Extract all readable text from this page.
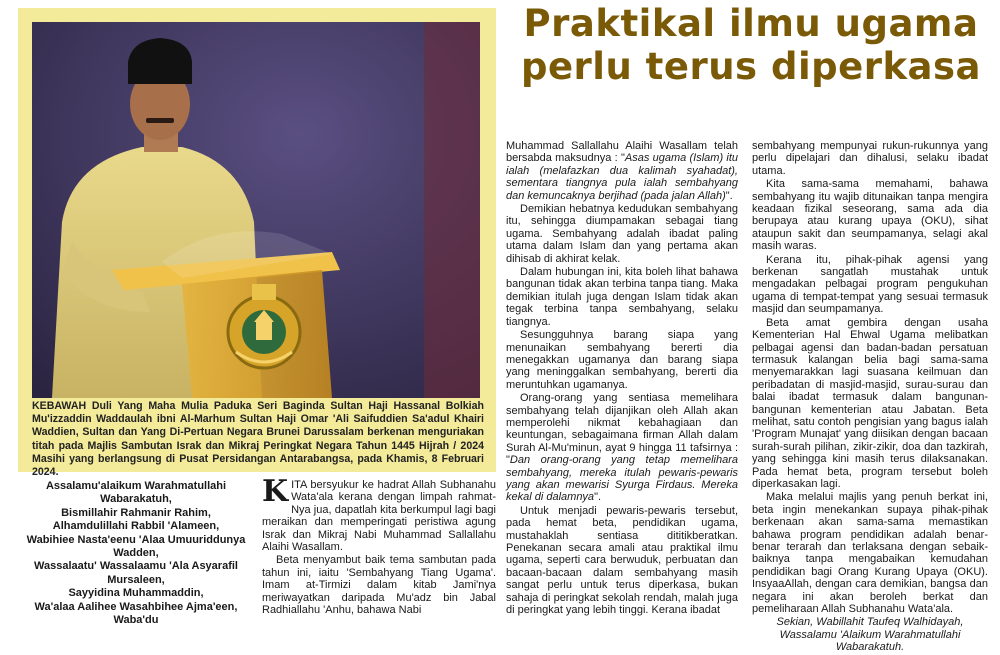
KEBAWAH Duli Yang Maha Mulia Paduka Seri Baginda Sultan Haji Hassanal Bolkiah Mu'izzaddin Waddaulah ibni Al-Marhum Sultan Haji Omar 'Ali Saifuddien Sa'adul Khairi Waddien, Sultan dan Yang Di-Pertuan Negara Brunei Darussalam berkenan menguriakan titah pada Majlis Sambutan Israk dan Mikraj Peringkat Negara Tahun 1445 Hijrah / 2024 Masihi yang berlangsung di Pusat Persidangan Antarabangsa, pada Khamis, 8 Februari 2024.
Praktikal ilmu ugama perlu terus diperkasa
Assalamu'alaikum Warahmatullahi Wabarakatuh,
Bismillahir Rahmanir Rahim,
Alhamdulillahi Rabbil 'Alameen,
Wabihiee Nasta'eenu 'Alaa Umuuriddunya Wadden,
Wassalaatu' Wassalaamu 'Ala Asyarafil Mursaleen,
Sayyidina Muhammaddin,
Wa'alaa Aalihee Wasahbihee Ajma'een, Waba'du

KITA bersyukur ke hadrat Allah Subhanahu Wata'ala kerana dengan limpah rahmat-Nya jua, dapatlah kita berkumpul lagi bagi meraikan dan memperingati peristiwa agung Israk dan Mikraj Nabi Muhammad Sallallahu Alaihi Wasallam.

Beta menyambut baik tema sambutan pada tahun ini, iaitu 'Sembahyang Tiang Ugama'. Imam at-Tirmizi dalam kitab Jami'nya meriwayatkan daripada Mu'adz bin Jabal Radhiallahu 'Anhu, bahawa Nabi

Muhammad Sallallahu Alaihi Wasallam telah bersabda maksudnya : "Asas ugama (Islam) itu ialah (melafazkan dua kalimah syahadat), sementara tiangnya pula ialah sembahyang dan kemuncaknya berjihad (pada jalan Allah)".

Demikian hebatnya kedudukan sembahyang itu, sehingga diumpamakan sebagai tiang ugama. Sembahyang adalah ibadat paling utama dalam Islam dan yang pertama akan dihisab di akhirat kelak.

Dalam hubungan ini, kita boleh lihat bahawa bangunan tidak akan terbina tanpa tiang. Maka demikian itulah juga dengan Islam tidak akan tegak terbina tanpa sembahyang, selaku tiangnya.

Sesungguhnya barang siapa yang menunaikan sembahyang bererti dia menegakkan ugamanya dan barang siapa yang meninggalkan sembahyang, bererti dia meruntuhkan ugamanya.

Orang-orang yang sentiasa memelihara sembahyang telah dijanjikan oleh Allah akan memperolehi nikmat kebahagiaan dan keuntungan, sebagaimana firman Allah dalam Surah Al-Mu'minun, ayat 9 hingga 11 tafsirnya : "Dan orang-orang yang tetap memelihara sembahyang, mereka itulah pewaris-pewaris yang akan mewarisi Syurga Firdaus. Mereka kekal di dalamnya".

Untuk menjadi pewaris-pewaris tersebut, pada hemat beta, pendidikan ugama, mustahaklah sentiasa dititikberatkan. Penekanan secara amali atau praktikal ilmu ugama, seperti cara berwuduk, perbuatan dan bacaan-bacaan dalam sembahyang masih sangat perlu untuk terus diperkasa, bukan sahaja di peringkat sekolah rendah, malah juga di peringkat yang lebih tinggi. Kerana ibadat

sembahyang mempunyai rukun-rukunnya yang perlu dipelajari dan dihalusi, selaku ibadat utama.

Kita sama-sama memahami, bahawa sembahyang itu wajib ditunaikan tanpa mengira keadaan fizikal seseorang, sama ada dia berupaya atau kurang upaya (OKU), sihat ataupun sakit dan seumpamanya, selagi akal masih waras.

Kerana itu, pihak-pihak agensi yang berkenan sangatlah mustahak untuk mengadakan pelbagai program pengukuhan ugama di tempat-tempat yang sesuai termasuk masjid dan seumpamanya.

Beta amat gembira dengan usaha Kementerian Hal Ehwal Ugama melibatkan pelbagai agensi dan badan-badan persatuan termasuk kalangan belia bagi sama-sama menyemarakkan lagi suasana keilmuan dan peribadatan di masjid-masjid, surau-surau dan balai ibadat termasuk dalam bangunan-bangunan kementerian atau Jabatan. Beta melihat, satu contoh pengisian yang bagus ialah 'Program Munajat' yang diisikan dengan bacaan surah-surah pilihan, zikir-zikir, doa dan tazkirah, yang sehingga kini masih terus dilaksanakan. Pada hemat beta, program tersebut boleh diperkasakan lagi.

Maka melalui majlis yang penuh berkat ini, beta ingin menekankan supaya pihak-pihak berkenaan akan sama-sama memastikan bahawa program pendidikan adalah benar-benar terarah dan terlaksana dengan sebaik-baiknya tanpa mengabaikan kemudahan pendidikan bagi Orang Kurang Upaya (OKU). InsyaaAllah, dengan cara demikian, bangsa dan negara ini akan beroleh berkat dan pemeliharaan Allah Subhanahu Wata'ala.

Sekian, Wabillahit Taufeq Walhidayah, Wassalamu 'Alaikum Warahmatullahi Wabarakatuh.
